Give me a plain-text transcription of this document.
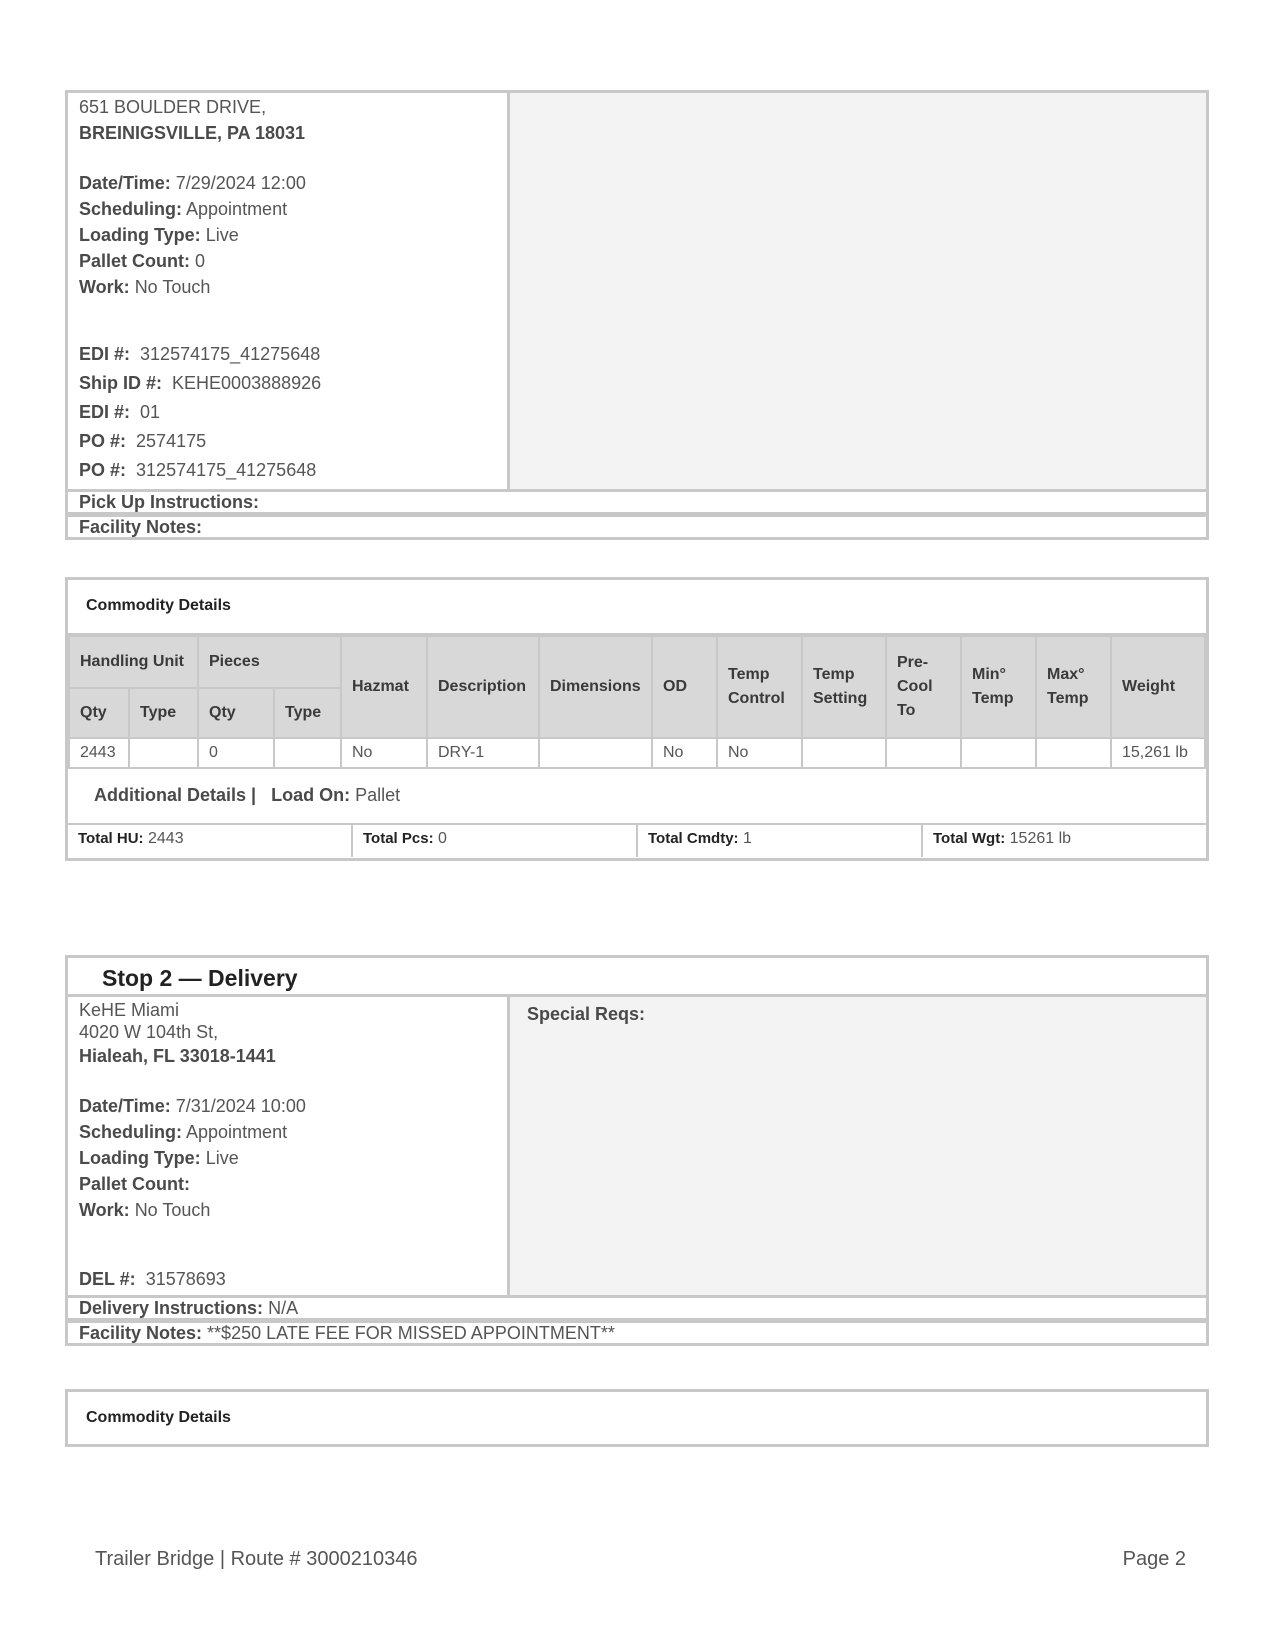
651 BOULDER DRIVE,
BREINIGSVILLE, PA 18031
Date/Time: 7/29/2024 12:00
Scheduling: Appointment
Loading Type: Live
Pallet Count: 0
Work: No Touch
EDI #: 312574175_41275648
Ship ID #: KEHE0003888926
EDI #: 01
PO #: 2574175
PO #: 312574175_41275648
Pick Up Instructions:
Facility Notes:
Commodity Details
Handling Unit		Pieces		Hazmat	Description	Dimensions	OD	Temp Control	Temp Setting	Pre-Cool To	Min° Temp	Max° Temp	Weight
Qty	Type	Qty	Type										
2443		0		No	DRY-1		No	No					15,261 lb
Additional Details | Load On: Pallet
Total HU: 2443	Total Pcs: 0	Total Cmdty: 1	Total Wgt: 15261 lb
Stop 2 — Delivery
KeHE Miami
4020 W 104th St,
Hialeah, FL 33018-1441
Date/Time: 7/31/2024 10:00
Scheduling: Appointment
Loading Type: Live
Pallet Count:
Work: No Touch
DEL #: 31578693
Special Reqs:
Delivery Instructions: N/A
Facility Notes: **$250 LATE FEE FOR MISSED APPOINTMENT**
Commodity Details
Trailer Bridge | Route # 3000210346	Page 2
